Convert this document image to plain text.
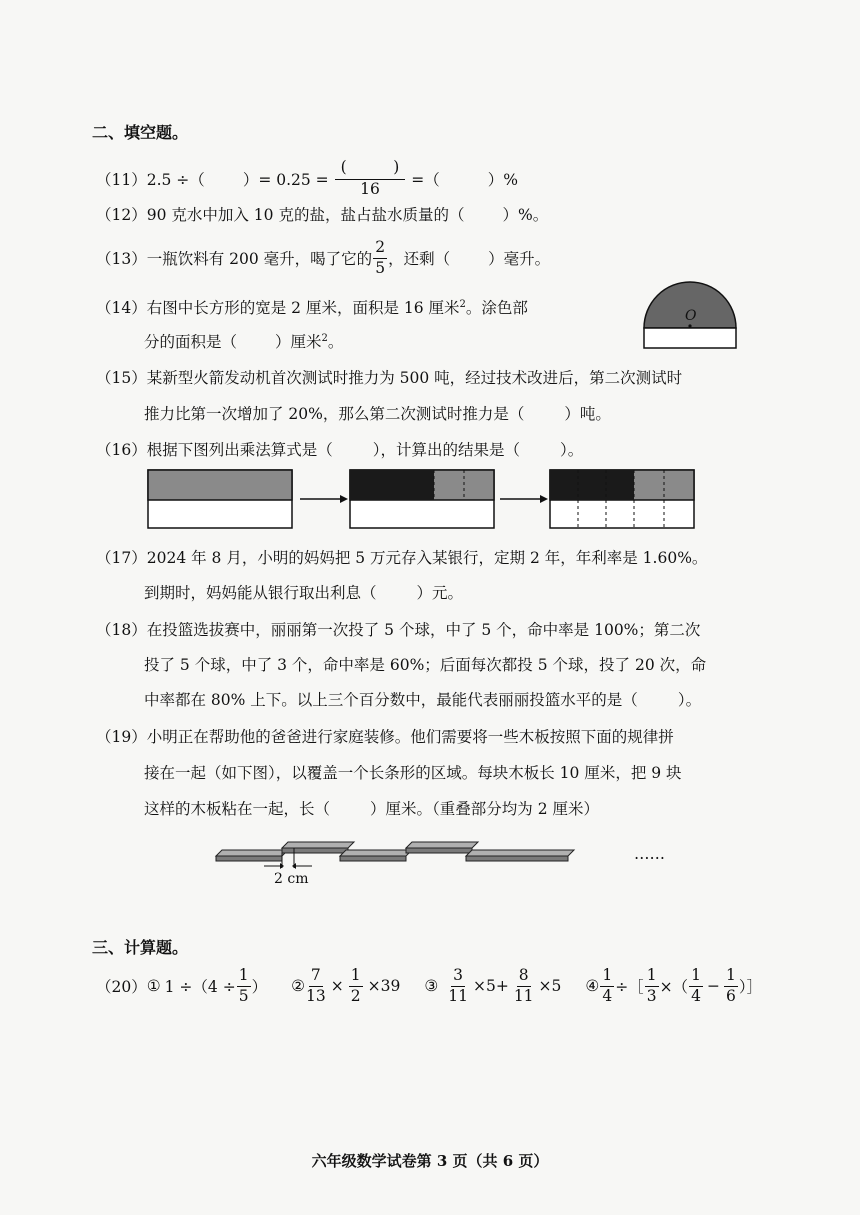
二、填空题。
（11） 2.5 ÷（ ）= $0.25 = \frac{( )}{16}$ =（	）%
（12）90 克水中加入 10 克的盐，盐占盐水质量的（ ）%。
（13） 一瓶饮料有 200 毫升，喝了它的 $\frac{2}{5}$ ，还剩（ ）毫升。
（14）右图中长方形的宽是 2 厘米，面积是 16 厘米$^2$。涂色部
分的面积是（ ）厘米$^2$。
O
（15）某新型火箭发动机首次测试时推力为 500 吨，经过技术改进后，第二次测试时
推力比第一次增加了 20%，那么第二次测试时推力是（	）吨。
（16）根据下图列出乘法算式是（	），计算出的结果是（	）。
（17）2024 年 8 月，小明的妈妈把 5 万元存入某银行，定期 2 年，年利率是 1.60%。
到期时，妈妈能从银行取出利息（	）元。
（18）在投篮选拔赛中，丽丽第一次投了 5 个球，中了 5 个，命中率是 100%；第二次
投了 5 个球，中了 3 个，命中率是 60%；后面每次都投 5 个球，投了 20 次，命
中率都在 80% 上下。以上三个百分数中，最能代表丽丽投篮水平的是（	）。
（19）小明正在帮助他的爸爸进行家庭装修。他们需要将一些木板按照下面的规律拼
接在一起（如下图），以覆盖一个长条形的区域。每块木板长 10 厘米，把 9 块
这样的木板粘在一起，长（	）厘米。（重叠部分均为 2 厘米）
2 cm
……
三、计算题。
（20） ① $1 \div(4 \div \frac{1}{5}$ ） ② $\frac{7}{13} \times \frac{1}{2} \times 39$ ③ $\frac{3}{11} \times 5+ \frac{8}{11} \times 5$ ④ $\frac{1}{4}$ ÷［ $\frac{1}{3}$ ×（ $\frac{1}{4} - \frac{1}{6}$ ）］
六年级数学试卷第 3 页（共 6 页）
